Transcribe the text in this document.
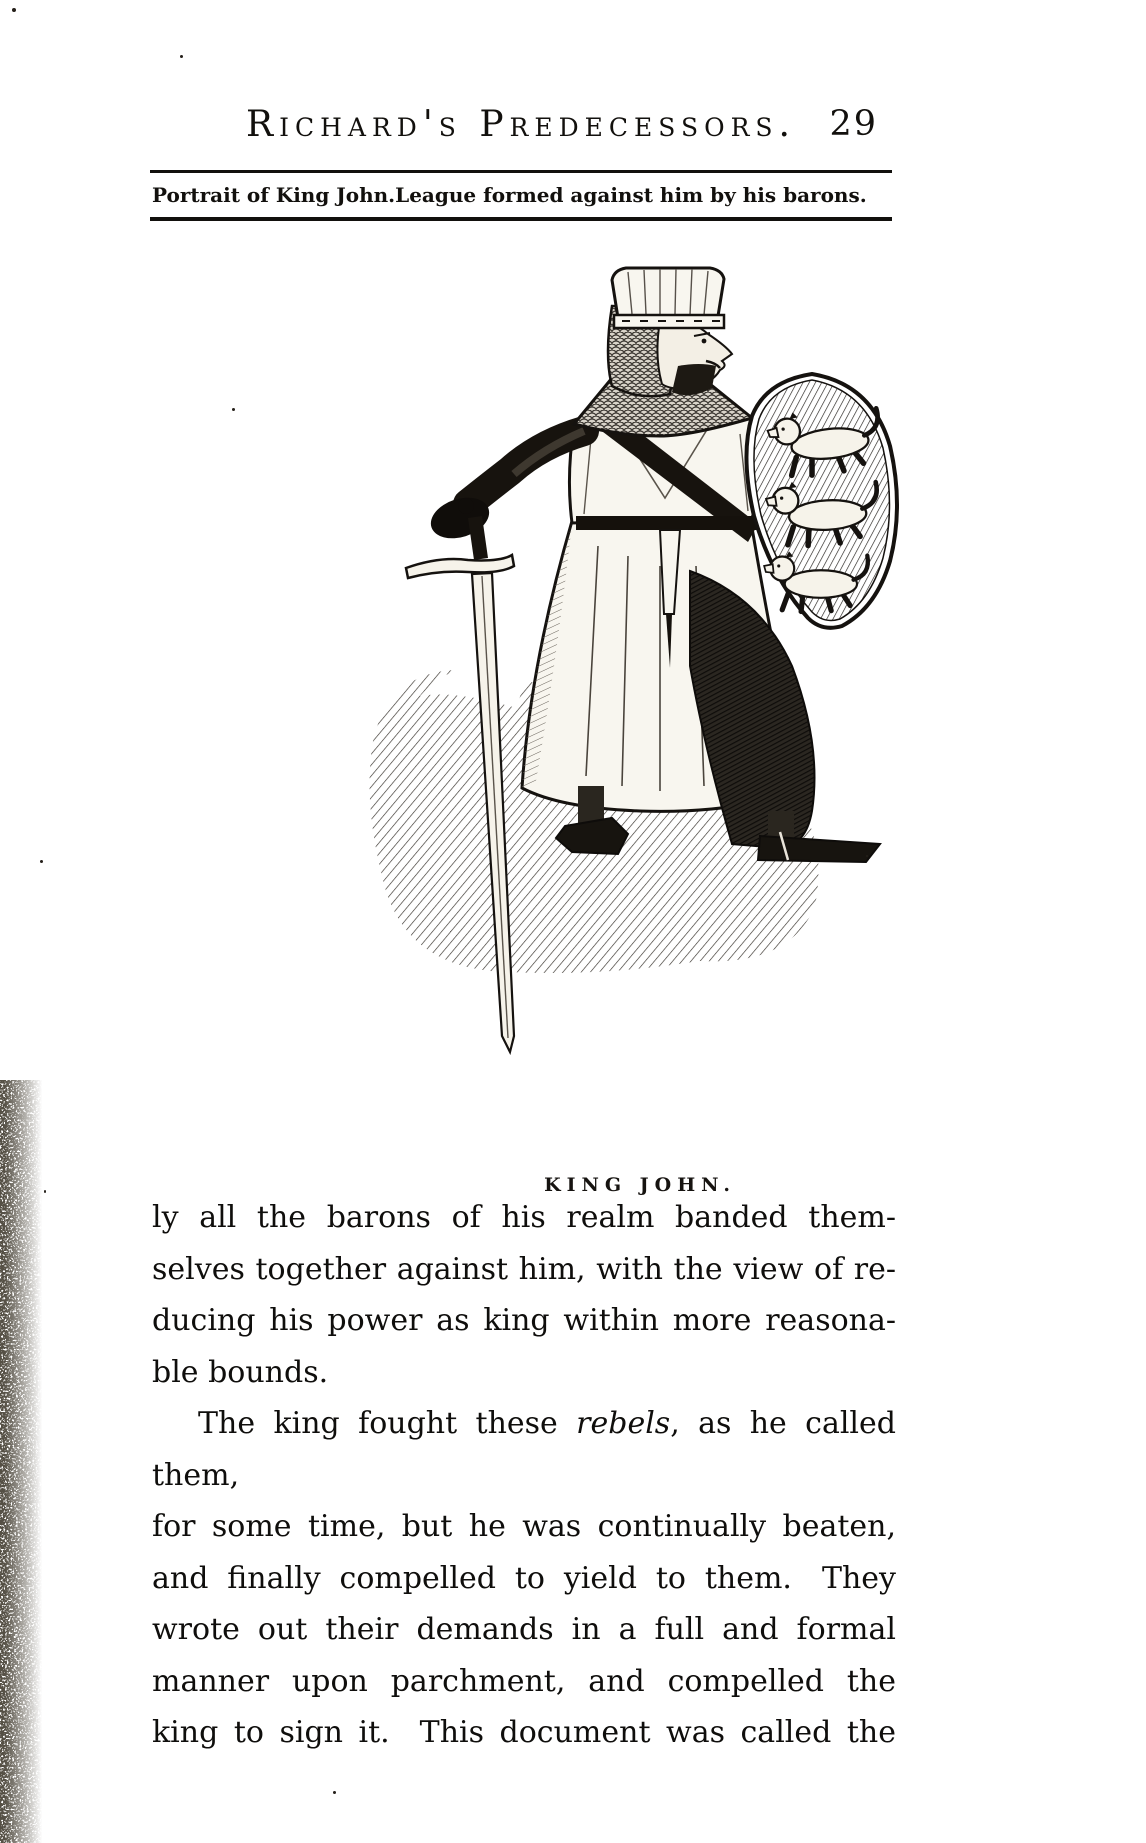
Richard's Predecessors. 29
Portrait of King John. League formed against him by his barons.
KING JOHN.

ly all the barons of his realm banded them-
selves together against him, with the view of re-
ducing his power as king within more reasona-
ble bounds.

The king fought these rebels, as he called them,
for some time, but he was continually beaten,
and finally compelled to yield to them. They
wrote out their demands in a full and formal
manner upon parchment, and compelled the
king to sign it. This document was called the
